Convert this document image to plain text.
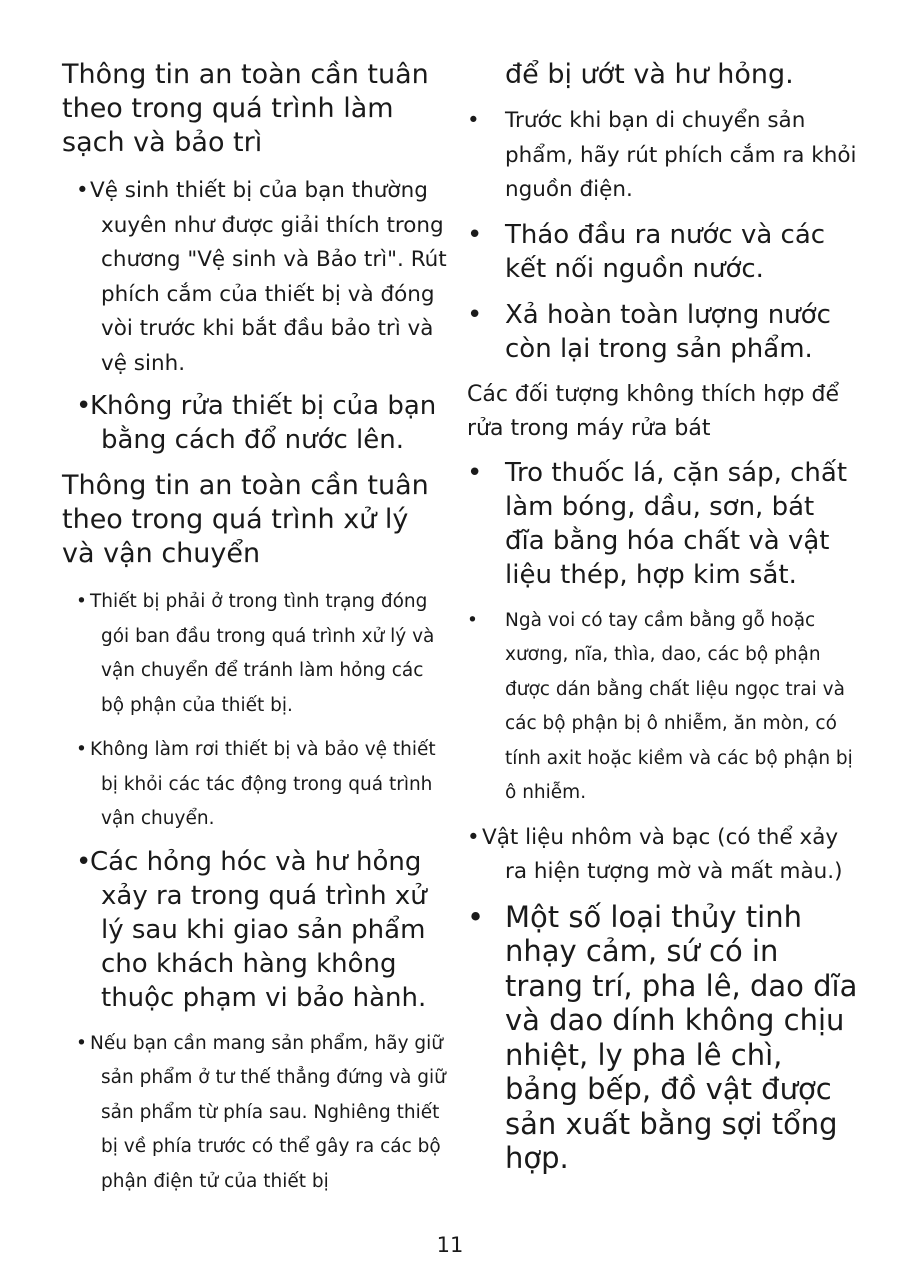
Thông tin an toàn cần tuân theo trong quá trình làm sạch và bảo trì
•Vệ sinh thiết bị của bạn thường xuyên như được giải thích trong chương "Vệ sinh và Bảo trì". Rút phích cắm của thiết bị và đóng vòi trước khi bắt đầu bảo trì và vệ sinh.
•Không rửa thiết bị của bạn bằng cách đổ nước lên.
Thông tin an toàn cần tuân theo trong quá trình xử lý và vận chuyển
• Thiết bị phải ở trong tình trạng đóng gói ban đầu trong quá trình xử lý và vận chuyển để tránh làm hỏng các bộ phận của thiết bị.
• Không làm rơi thiết bị và bảo vệ thiết bị khỏi các tác động trong quá trình vận chuyển.
•Các hỏng hóc và hư hỏng xảy ra trong quá trình xử lý sau khi giao sản phẩm cho khách hàng không thuộc phạm vi bảo hành.
• Nếu bạn cần mang sản phẩm, hãy giữ sản phẩm ở tư thế thẳng đứng và giữ sản phẩm từ phía sau. Nghiêng thiết bị về phía trước có thể gây ra các bộ phận điện tử của thiết bị
để bị ướt và hư hỏng.
• Trước khi bạn di chuyển sản phẩm, hãy rút phích cắm ra khỏi nguồn điện.
• Tháo đầu ra nước và các kết nối nguồn nước.
• Xả hoàn toàn lượng nước còn lại trong sản phẩm.

Các đối tượng không thích hợp để rửa trong máy rửa bát

• Tro thuốc lá, cặn sáp, chất làm bóng, dầu, sơn, bát đĩa bằng hóa chất và vật liệu thép, hợp kim sắt.
• Ngà voi có tay cầm bằng gỗ hoặc xương, nĩa, thìa, dao, các bộ phận được dán bằng chất liệu ngọc trai và các bộ phận bị ô nhiễm, ăn mòn, có tính axit hoặc kiềm và các bộ phận bị ô nhiễm.
• Vật liệu nhôm và bạc (có thể xảy ra hiện tượng mờ và mất màu.)
• Một số loại thủy tinh nhạy cảm, sứ có in trang trí, pha lê, dao dĩa và dao dính không chịu nhiệt, ly pha lê chì, bảng bếp, đồ vật được sản xuất bằng sợi tổng hợp.
11
